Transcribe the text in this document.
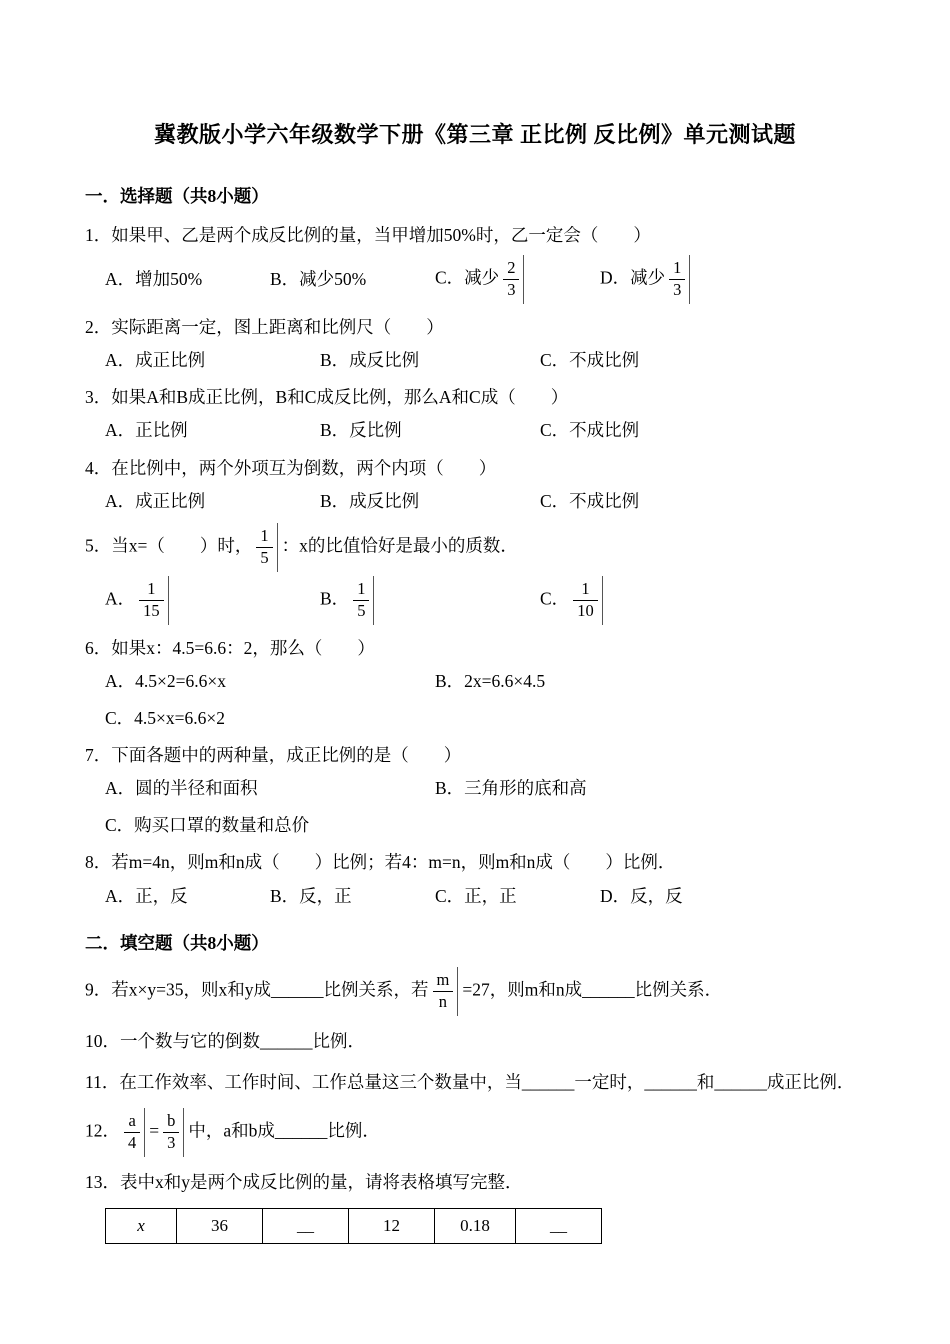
冀教版小学六年级数学下册《第三章 正比例 反比例》单元测试题
一．选择题（共8小题）
1．如果甲、乙是两个成反比例的量，当甲增加50%时，乙一定会（　　）
A．增加50%	B．减少50%	C．减少 $\frac{2}{3}$	D．减少 $\frac{1}{3}$
2．实际距离一定，图上距离和比例尺（　　）
A．成正比例	B．成反比例	C．不成比例
3．如果A和B成正比例，B和C成反比例，那么A和C成（　　）
A．正比例	B．反比例	C．不成比例
4．在比例中，两个外项互为倒数，两个内项（　　）
A．成正比例	B．成反比例	C．不成比例
5．当x=（　　）时， $\frac{1}{5}$ ：x的比值恰好是最小的质数．
A． $\frac{1}{15}$	B． $\frac{1}{5}$	C． $\frac{1}{10}$
6．如果x：4.5=6.6：2，那么（　　）
A．4.5×2=6.6×x	B．2x=6.6×4.5
C．4.5×x=6.6×2
7．下面各题中的两种量，成正比例的是（　　）
A．圆的半径和面积	B．三角形的底和高
C．购买口罩的数量和总价
8．若m=4n，则m和n成（　　）比例；若4：m=n，则m和n成（　　）比例．
A．正，反	B．反，正	C．正，正	D．反，反
二．填空题（共8小题）
9．若x×y=35，则x和y成______比例关系，若 $\frac{m}{n} =27$，则m和n成______比例关系．
10．一个数与它的倒数______比例．
11．在工作效率、工作时间、工作总量这三个数量中，当______一定时，______和______成正比例．
12． $\frac{a}{4} = \frac{b}{3}$ 中，a和b成______比例．
13．表中x和y是两个成反比例的量，请将表格填写完整．
x	36	__	12	0.18	__
